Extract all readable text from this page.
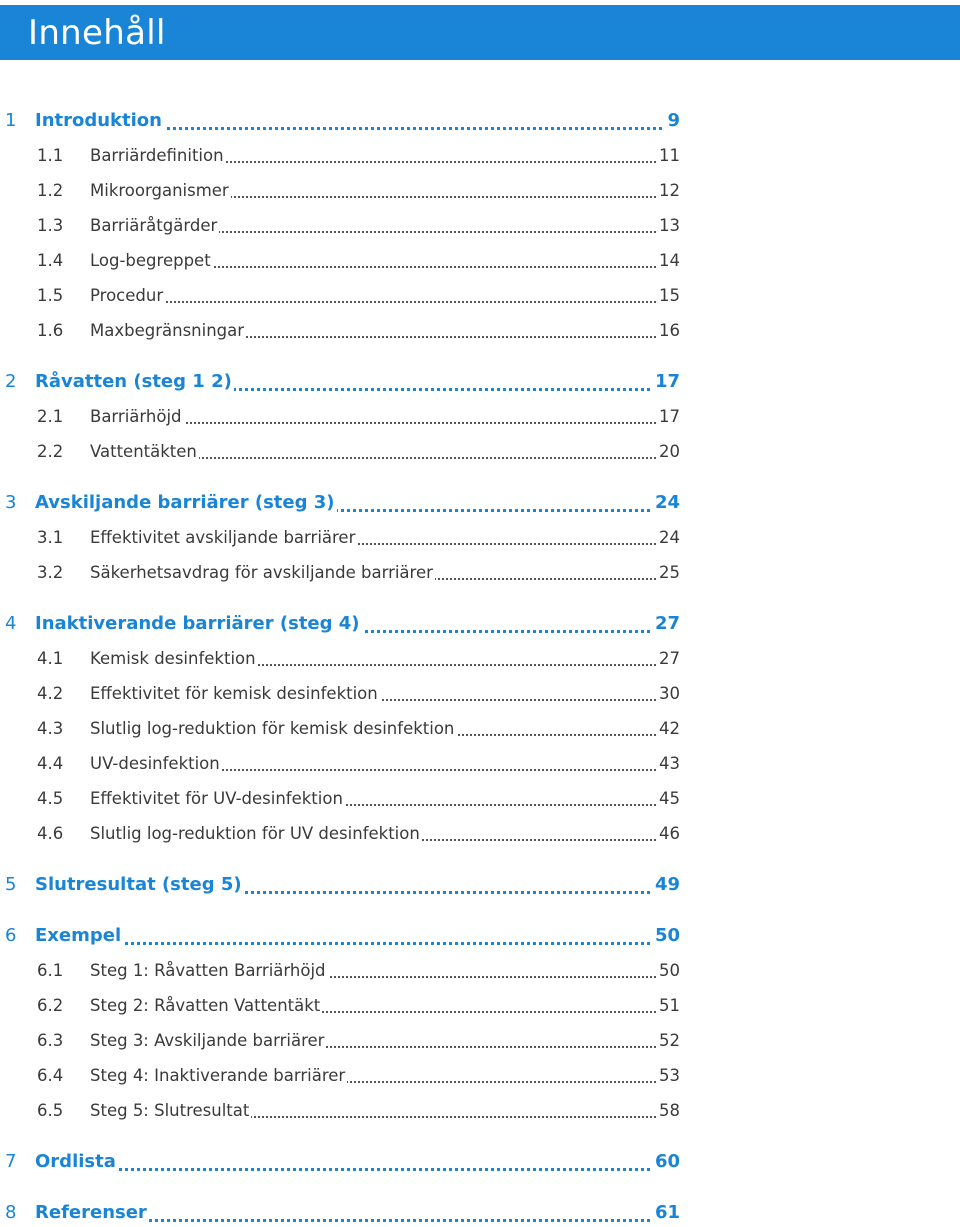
Innehåll
1 Introduktion	9
1.1 Barriärdefinition	11
1.2 Mikroorganismer	12
1.3 Barriäråtgärder	13
1.4 Log-begreppet	14
1.5 Procedur	15
1.6 Maxbegränsningar	16
2 Råvatten (steg 1 2)	17
2.1 Barriärhöjd	17
2.2 Vattentäkten	20
3 Avskiljande barriärer (steg 3)	24
3.1 Effektivitet avskiljande barriärer	24
3.2 Säkerhetsavdrag för avskiljande barriärer	25
4 Inaktiverande barriärer (steg 4)	27
4.1 Kemisk desinfektion	27
4.2 Effektivitet för kemisk desinfektion	30
4.3 Slutlig log-reduktion för kemisk desinfektion	42
4.4 UV-desinfektion	43
4.5 Effektivitet för UV-desinfektion	45
4.6 Slutlig log-reduktion för UV desinfektion	46
5 Slutresultat (steg 5)	49
6 Exempel	50
6.1 Steg 1: Råvatten Barriärhöjd	50
6.2 Steg 2: Råvatten Vattentäkt	51
6.3 Steg 3: Avskiljande barriärer	52
6.4 Steg 4: Inaktiverande barriärer	53
6.5 Steg 5: Slutresultat	58
7 Ordlista	60
8 Referenser	61
